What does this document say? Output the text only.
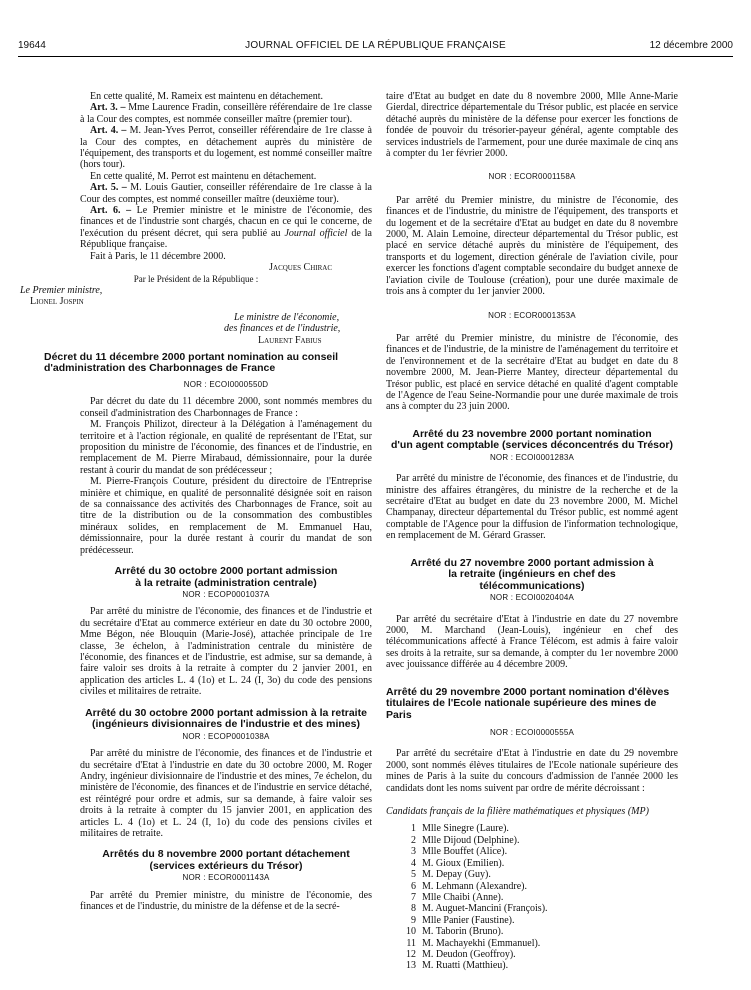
19644	JOURNAL OFFICIEL DE LA RÉPUBLIQUE FRANÇAISE	12 décembre 2000

En cette qualité, M. Rameix est maintenu en détachement.

Art. 3. – Mme Laurence Fradin, conseillère référendaire de 1re classe à la Cour des comptes, est nommée conseiller maître (premier tour).

Art. 4. – M. Jean-Yves Perrot, conseiller référendaire de 1re classe à la Cour des comptes, en détachement auprès du ministère de l'équipement, des transports et du logement, est nommé conseiller maître (hors tour).

En cette qualité, M. Perrot est maintenu en détachement.

Art. 5. – M. Louis Gautier, conseiller référendaire de 1re classe à la Cour des comptes, est nommé conseiller maître (deuxième tour).

Art. 6. – Le Premier ministre et le ministre de l'économie, des finances et de l'industrie sont chargés, chacun en ce qui le concerne, de l'exécution du présent décret, qui sera publié au Journal officiel de la République française.

Fait à Paris, le 11 décembre 2000.

Jacques Chirac
Par le Président de la République :
Le Premier ministre,
Lionel Jospin
Le ministre de l'économie,
des finances et de l'industrie,
Laurent Fabius
Décret du 11 décembre 2000 portant nomination au conseil d'administration des Charbonnages de France
NOR : ECOI0000550D

Par décret du date du 11 décembre 2000, sont nommés membres du conseil d'administration des Charbonnages de France :

M. François Philizot, directeur à la Délégation à l'aménagement du territoire et à l'action régionale, en qualité de représentant de l'Etat, sur proposition du ministre de l'économie, des finances et de l'industrie, en remplacement de M. Pierre Mirabaud, démissionnaire, pour la durée restant à courir du mandat de son prédécesseur ;

M. Pierre-François Couture, président du directoire de l'Entreprise minière et chimique, en qualité de personnalité désignée soit en raison de sa connaissance des activités des Charbonnages de France, soit au titre de la distribution ou de la consommation des combustibles minéraux solides, en remplacement de M. Emmanuel Hau, démissionnaire, pour la durée restant à courir du mandat de son prédécesseur.

Arrêté du 30 octobre 2000 portant admission
à la retraite (administration centrale)
NOR : ECOP0001037A

Par arrêté du ministre de l'économie, des finances et de l'industrie et du secrétaire d'Etat au commerce extérieur en date du 30 octobre 2000, Mme Bégon, née Blouquin (Marie-José), attachée principale de 1re classe, 3e échelon, à l'administration centrale du ministère de l'économie, des finances et de l'industrie, est admise, sur sa demande, à faire valoir ses droits à la retraite à compter du 2 janvier 2001, en application des articles L. 4 (1o) et L. 24 (I, 3o) du code des pensions civiles et militaires de retraite.

Arrêté du 30 octobre 2000 portant admission à la retraite
(ingénieurs divisionnaires de l'industrie et des mines)
NOR : ECOP0001038A

Par arrêté du ministre de l'économie, des finances et de l'industrie et du secrétaire d'Etat à l'industrie en date du 30 octobre 2000, M. Roger Andry, ingénieur divisionnaire de l'industrie et des mines, 7e échelon, du ministère de l'économie, des finances et de l'industrie en service détaché, est réintégré pour ordre et admis, sur sa demande, à faire valoir ses droits à la retraite à compter du 15 janvier 2001, en application des articles L. 4 (1o) et L. 24 (I, 1o) du code des pensions civiles et militaires de retraite.

Arrêtés du 8 novembre 2000 portant détachement
(services extérieurs du Trésor)
NOR : ECOR0001143A

Par arrêté du Premier ministre, du ministre de l'économie, des finances et de l'industrie, du ministre de la défense et de la secré-

taire d'Etat au budget en date du 8 novembre 2000, Mlle Anne-Marie Gierdal, directrice départementale du Trésor public, est placée en service détaché auprès du ministère de la défense pour exercer les fonctions de fondée de pouvoir du trésorier-payeur général, agente comptable des services industriels de l'armement, pour une durée maximale de cinq ans à compter du 1er février 2000.

NOR : ECOR0001158A

Par arrêté du Premier ministre, du ministre de l'économie, des finances et de l'industrie, du ministre de l'équipement, des transports et du logement et de la secrétaire d'Etat au budget en date du 8 novembre 2000, M. Alain Lemoine, directeur départemental du Trésor public, est placé en service détaché auprès du ministère de l'équipement, des transports et du logement, direction générale de l'aviation civile, pour exercer les fonctions d'agent comptable secondaire du budget annexe de l'aviation civile de Toulouse (création), pour une durée maximale de trois ans à compter du 1er janvier 2000.

NOR : ECOR0001353A

Par arrêté du Premier ministre, du ministre de l'économie, des finances et de l'industrie, de la ministre de l'aménagement du territoire et de l'environnement et de la secrétaire d'Etat au budget en date du 8 novembre 2000, M. Jean-Pierre Mantey, directeur départemental du Trésor public, est placé en service détaché en qualité d'agent comptable de l'Agence de l'eau Seine-Normandie pour une durée maximale de trois ans à compter du 23 juin 2000.

Arrêté du 23 novembre 2000 portant nomination
d'un agent comptable (services déconcentrés du Trésor)
NOR : ECOI0001283A

Par arrêté du ministre de l'économie, des finances et de l'industrie, du ministre des affaires étrangères, du ministre de la recherche et de la secrétaire d'Etat au budget en date du 23 novembre 2000, M. Michel Champanay, directeur départemental du Trésor public, est nommé agent comptable de l'Agence pour la diffusion de l'information technologique, en remplacement de M. Gérard Grasser.

Arrêté du 27 novembre 2000 portant admission à la retraite (ingénieurs en chef des télécommunications)
NOR : ECOI0020404A

Par arrêté du secrétaire d'Etat à l'industrie en date du 27 novembre 2000, M. Marchand (Jean-Louis), ingénieur en chef des télécommunications affecté à France Télécom, est admis à faire valoir ses droits à la retraite, sur sa demande, à compter du 1er novembre 2000 avec jouissance différée au 4 décembre 2009.

Arrêté du 29 novembre 2000 portant nomination d'élèves titulaires de l'Ecole nationale supérieure des mines de Paris
NOR : ECOI0000555A

Par arrêté du secrétaire d'Etat à l'industrie en date du 29 novembre 2000, sont nommés élèves titulaires de l'Ecole nationale supérieure des mines de Paris à la suite du concours d'admission de l'année 2000 les candidats dont les noms suivent par ordre de mérite décroissant :

Candidats français de la filière mathématiques et physiques (MP)
1 Mlle Sinegre (Laure).
2 Mlle Dijoud (Delphine).
3 Mlle Bouffet (Alice).
4 M. Gioux (Emilien).
5 M. Depay (Guy).
6 M. Lehmann (Alexandre).
7 Mlle Chaibi (Anne).
8 M. Auguet-Mancini (François).
9 Mlle Panier (Faustine).
10 M. Taborin (Bruno).
11 M. Machayekhi (Emmanuel).
12 M. Deudon (Geoffroy).
13 M. Ruatti (Matthieu).
